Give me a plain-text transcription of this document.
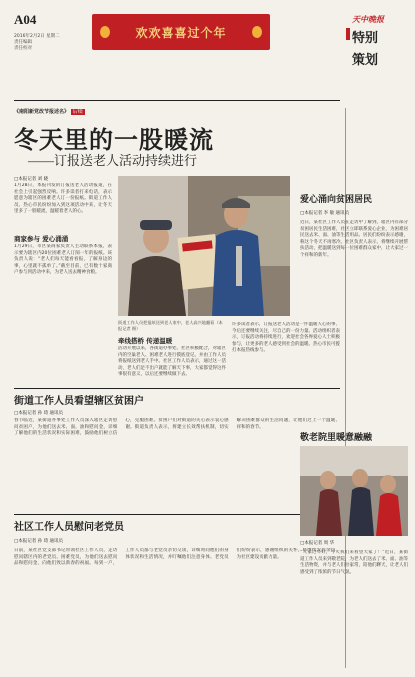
A04
2016年2月2日 星期二
责任编辑
责任校对
欢欢喜喜过个年
天中晚报
特别
策划
《南阳新党改节报述名》 后续
冬天里的一股暖流
——订报送老人活动持续进行
□本报记者 刘 晓
1月28日，本报刊发的订报送老人活动报道，在社会上引起强烈反响。许多读者打来电话，表示愿意为辖区的困难老人订一份报纸。街道工作人员、热心市民纷纷加入到这项活动中来，让冬天里多了一股暖流，温暖着老人的心。
商家参与 爱心涌涌
1月29日，市区某商家负责人主动联系本报，表示要为辖区内20位困难老人订阅一年的报纸。该负责人说：“老人们每天能看看报，了解身边的事，心里就不孤单了。”截至目前，已有数十家商户参与到活动中来，为老人送去精神食粮。
街道工作人员把报纸送到老人家中，老人高兴地翻看（本报记者 摄）
牵线搭桥 传递温暖
活动开展以来，各街道办事处、社区积极配合，对辖区内的空巢老人、困难老人进行摸底登记，并由工作人员将报纸送到老人手中。社区工作人员表示，通过这一活动，老人们足不出户就能了解天下事，大家都觉得这件事很有意义，以后还要继续做下去。
许多读者表示，订报送老人活动是一件温暖人心的事，今后还要继续关注，尽自己的一份力量。活动组织者表示，订报活动将持续进行，欢迎社会各界爱心人士积极参与，让更多的老人感受到社会的温暖。热心市民可拨打本报热线参与。
爱心涌向贫困居民
□本报记者 李 敏 通讯员
近日，某社区工作人员在走访中了解到，辖区内有部分贫困居民生活困难，社区立即联系爱心企业，为困难居民送去米、面、油等生活用品。居民们纷纷表示感谢，称这个冬天不再寒冷。社区负责人表示，将继续开展帮扶活动，把温暖送到每一位困难群众家中，让大家过一个祥和的新年。
街道工作人员看望辖区贫困户
□本报记者 孙 琦 通讯员
春节临近，某街道办事处工作人员深入辖区走访慰问贫困户，为他们送去米、面、油和慰问金，详细了解他们的生活状况和实际困难，鼓励他们树立信心，克服困难。贫困户们对街道的关心表示衷心感谢。街道负责人表示，将建立长效帮扶机制，切实解决困难群众的生活问题，让他们过上一个温暖、祥和的春节。
社区工作人员慰问老党员
□本报记者 孙 琦 通讯员
日前，某社区党支部书记带领社区工作人员，走访慰问辖区内的老党员、困难党员，为他们送去慰问品和慰问金，向他们致以新春的祝福。每到一户，工作人员都与老党员亲切交谈，详细询问他们的身体状况和生活情况，并叮嘱他们注意身体。老党员们纷纷表示，感谢组织的关怀，将继续发挥余热，为社区建设贡献力量。
敬老院里暖意融融
□本报记者 周 华
“大家过年好，今天我们来看望大家了！”近日，某街道工作人员来到敬老院，为老人们送去了米、面、油等生活物资，并与老人们拉家常，陪他们聊天，让老人们感受到了浓浓的节日气氛。
